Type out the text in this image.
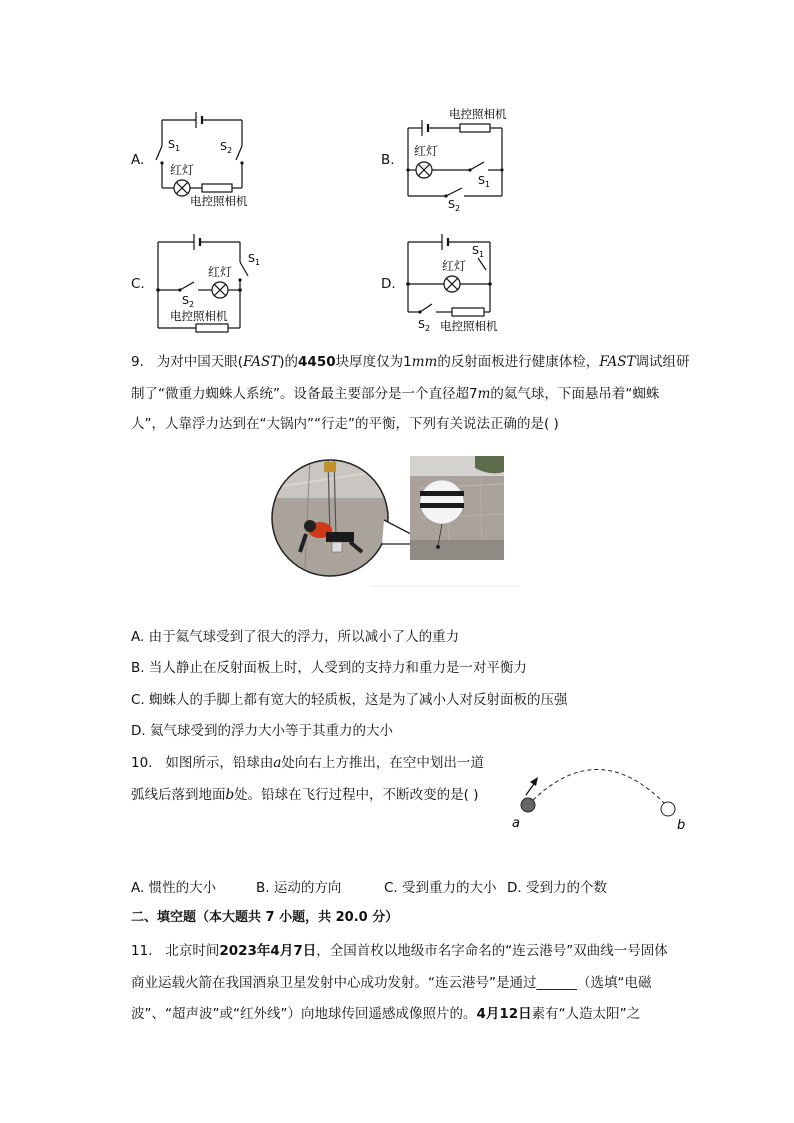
A.
$S_1$	$S_2$
红灯
电控照相机
B.
电控照相机
红灯
$S_1$
$S_2$
C.
$S_1$
红灯
$S_2$
电控照相机
D.
$S_1$
红灯
$S_2$ 电控照相机
9. 为对中国天眼(FAST)的4450块厚度仅为1mm的反射面板进行健康体检，FAST调试组研
制了“微重力蜘蛛人系统”。设备最主要部分是一个直径超7m的氦气球，下面悬吊着“蜘蛛
人”，人靠浮力达到在“大锅内”“行走”的平衡，下列有关说法正确的是( )
A. 由于氦气球受到了很大的浮力，所以减小了人的重力
B. 当人静止在反射面板上时，人受到的支持力和重力是一对平衡力
C. 蜘蛛人的手脚上都有宽大的轻质板，这是为了减小人对反射面板的压强
D. 氦气球受到的浮力大小等于其重力的大小
10. 如图所示，铅球由a处向右上方推出，在空中划出一道
弧线后落到地面b处。铅球在飞行过程中，不断改变的是( )
a	b
A. 惯性的大小	B. 运动的方向	C. 受到重力的大小 D. 受到力的个数
二、填空题（本大题共 7 小题，共 20.0 分）
11. 北京时间2023年4月7日，全国首枚以地级市名字命名的“连云港号”双曲线一号固体
商业运载火箭在我国酒泉卫星发射中心成功发射。“连云港号”是通过______（选填“电磁
波”、“超声波”或“红外线”）向地球传回遥感成像照片的。4月12日素有“人造太阳”之
